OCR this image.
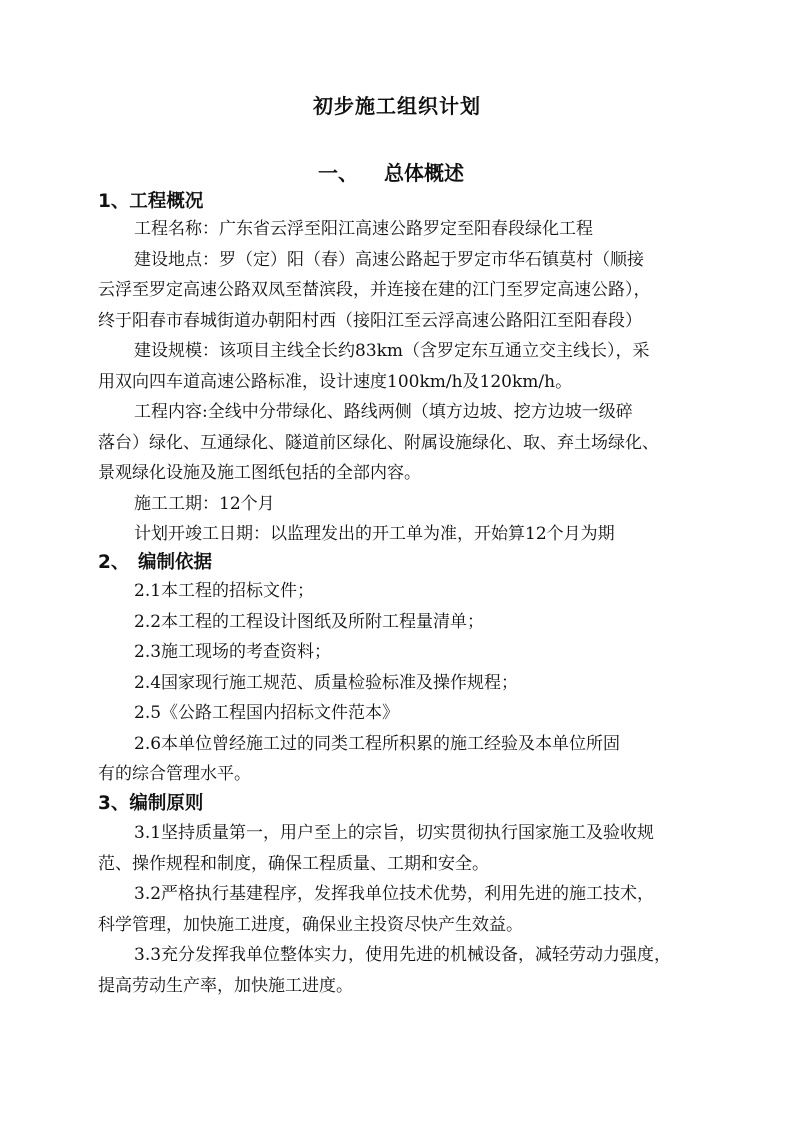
初步施工组织计划
一、 总体概述
1、工程概况
工程名称：广东省云浮至阳江高速公路罗定至阳春段绿化工程
建设地点：罗（定）阳（春）高速公路起于罗定市华石镇莫村（顺接
云浮至罗定高速公路双凤至榃滨段，并连接在建的江门至罗定高速公路），
终于阳春市春城街道办朝阳村西（接阳江至云浮高速公路阳江至阳春段）
建设规模：该项目主线全长约83km（含罗定东互通立交主线长），采
用双向四车道高速公路标准，设计速度100km/h及120km/h。
工程内容:全线中分带绿化、路线两侧（填方边坡、挖方边坡一级碎
落台）绿化、互通绿化、隧道前区绿化、附属设施绿化、取、弃土场绿化、
景观绿化设施及施工图纸包括的全部内容。
施工工期：12个月
计划开竣工日期：以监理发出的开工单为准，开始算12个月为期
2、 编制依据
2.1本工程的招标文件；
2.2本工程的工程设计图纸及所附工程量清单；
2.3施工现场的考查资料；
2.4国家现行施工规范、质量检验标准及操作规程；
2.5《公路工程国内招标文件范本》
2.6本单位曾经施工过的同类工程所积累的施工经验及本单位所固
有的综合管理水平。
3、编制原则
3.1坚持质量第一，用户至上的宗旨，切实贯彻执行国家施工及验收规
范、操作规程和制度，确保工程质量、工期和安全。
3.2严格执行基建程序，发挥我单位技术优势，利用先进的施工技术，
科学管理，加快施工进度，确保业主投资尽快产生效益。
3.3充分发挥我单位整体实力，使用先进的机械设备，减轻劳动力强度，
提高劳动生产率，加快施工进度。
